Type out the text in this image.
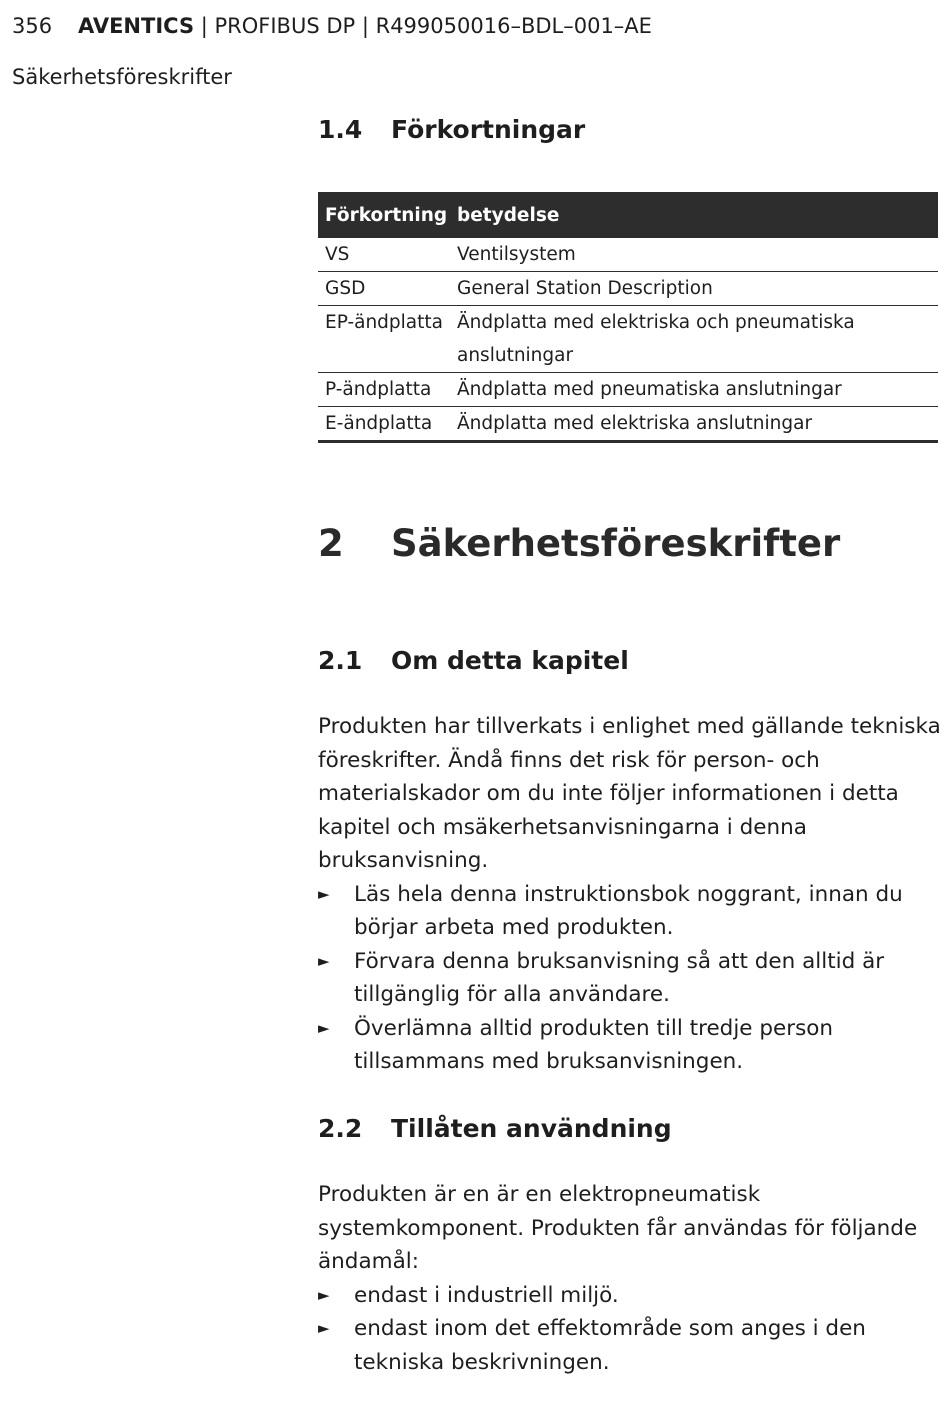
356 AVENTICS | PROFIBUS DP | R499050016–BDL–001–AE
Säkerhetsföreskrifter
1.4 Förkortningar
Förkortning	betydelse
VS	Ventilsystem
GSD	General Station Description
EP-ändplatta	Ändplatta med elektriska och pneumatiska anslutningar
P-ändplatta	Ändplatta med pneumatiska anslutningar
E-ändplatta	Ändplatta med elektriska anslutningar
2 Säkerhetsföreskrifter
2.1 Om detta kapitel

Produkten har tillverkats i enlighet med gällande tekniska föreskrifter. Ändå finns det risk för person- och materialskador om du inte följer informationen i detta kapitel och msäkerhetsanvisningarna i denna bruksanvisning.

► Läs hela denna instruktionsbok noggrant, innan du börjar arbeta med produkten.
► Förvara denna bruksanvisning så att den alltid är tillgänglig för alla användare.
► Överlämna alltid produkten till tredje person tillsammans med bruksanvisningen.
2.2 Tillåten användning

Produkten är en är en elektropneumatisk systemkomponent. Produkten får användas för följande ändamål:

► endast i industriell miljö.
► endast inom det effektområde som anges i den tekniska beskrivningen.
